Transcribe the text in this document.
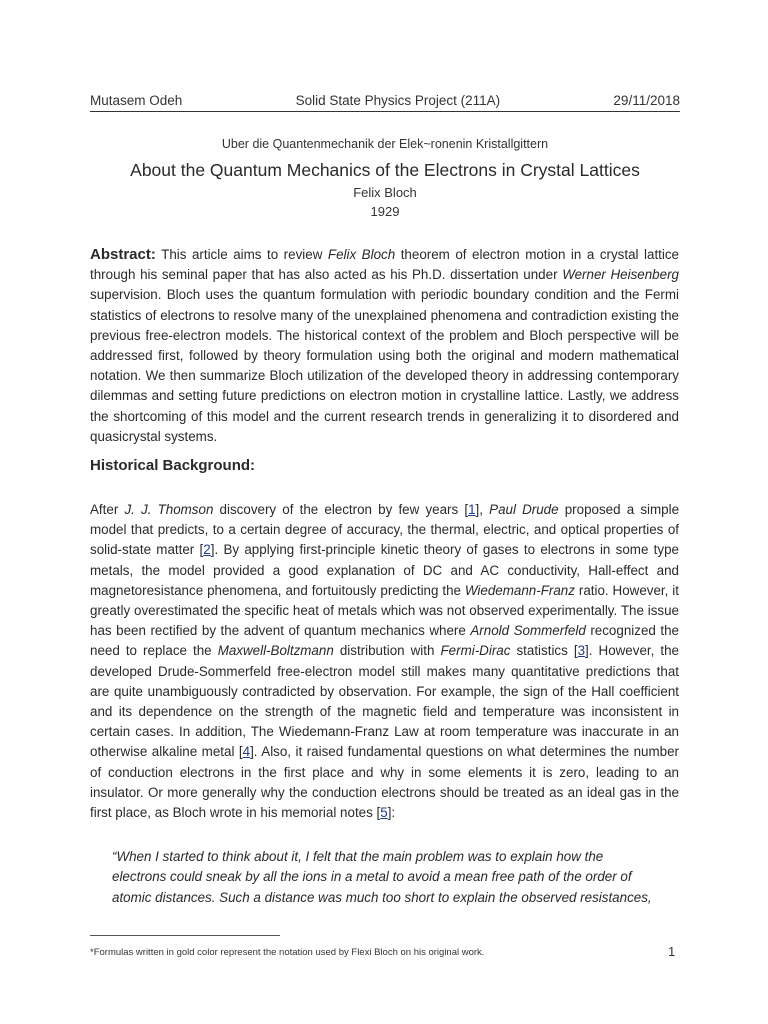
Mutasem Odeh	Solid State Physics Project (211A)	29/11/2018
Uber die Quantenmechanik der Elek~ronenin Kristallgittern
About the Quantum Mechanics of the Electrons in Crystal Lattices
Felix Bloch
1929
Abstract: This article aims to review Felix Bloch theorem of electron motion in a crystal lattice through his seminal paper that has also acted as his Ph.D. dissertation under Werner Heisenberg supervision. Bloch uses the quantum formulation with periodic boundary condition and the Fermi statistics of electrons to resolve many of the unexplained phenomena and contradiction existing the previous free-electron models. The historical context of the problem and Bloch perspective will be addressed first, followed by theory formulation using both the original and modern mathematical notation. We then summarize Bloch utilization of the developed theory in addressing contemporary dilemmas and setting future predictions on electron motion in crystalline lattice. Lastly, we address the shortcoming of this model and the current research trends in generalizing it to disordered and quasicrystal systems.
Historical Background:
After J. J. Thomson discovery of the electron by few years [1], Paul Drude proposed a simple model that predicts, to a certain degree of accuracy, the thermal, electric, and optical properties of solid-state matter [2]. By applying first-principle kinetic theory of gases to electrons in some type metals, the model provided a good explanation of DC and AC conductivity, Hall-effect and magnetoresistance phenomena, and fortuitously predicting the Wiedemann-Franz ratio. However, it greatly overestimated the specific heat of metals which was not observed experimentally. The issue has been rectified by the advent of quantum mechanics where Arnold Sommerfeld recognized the need to replace the Maxwell-Boltzmann distribution with Fermi-Dirac statistics [3]. However, the developed Drude-Sommerfeld free-electron model still makes many quantitative predictions that are quite unambiguously contradicted by observation. For example, the sign of the Hall coefficient and its dependence on the strength of the magnetic field and temperature was inconsistent in certain cases. In addition, The Wiedemann-Franz Law at room temperature was inaccurate in an otherwise alkaline metal [4]. Also, it raised fundamental questions on what determines the number of conduction electrons in the first place and why in some elements it is zero, leading to an insulator. Or more generally why the conduction electrons should be treated as an ideal gas in the first place, as Bloch wrote in his memorial notes [5]:
“When I started to think about it, I felt that the main problem was to explain how the electrons could sneak by all the ions in a metal to avoid a mean free path of the order of atomic distances. Such a distance was much too short to explain the observed resistances,
*Formulas written in gold color represent the notation used by Flexi Bloch on his original work.	1
